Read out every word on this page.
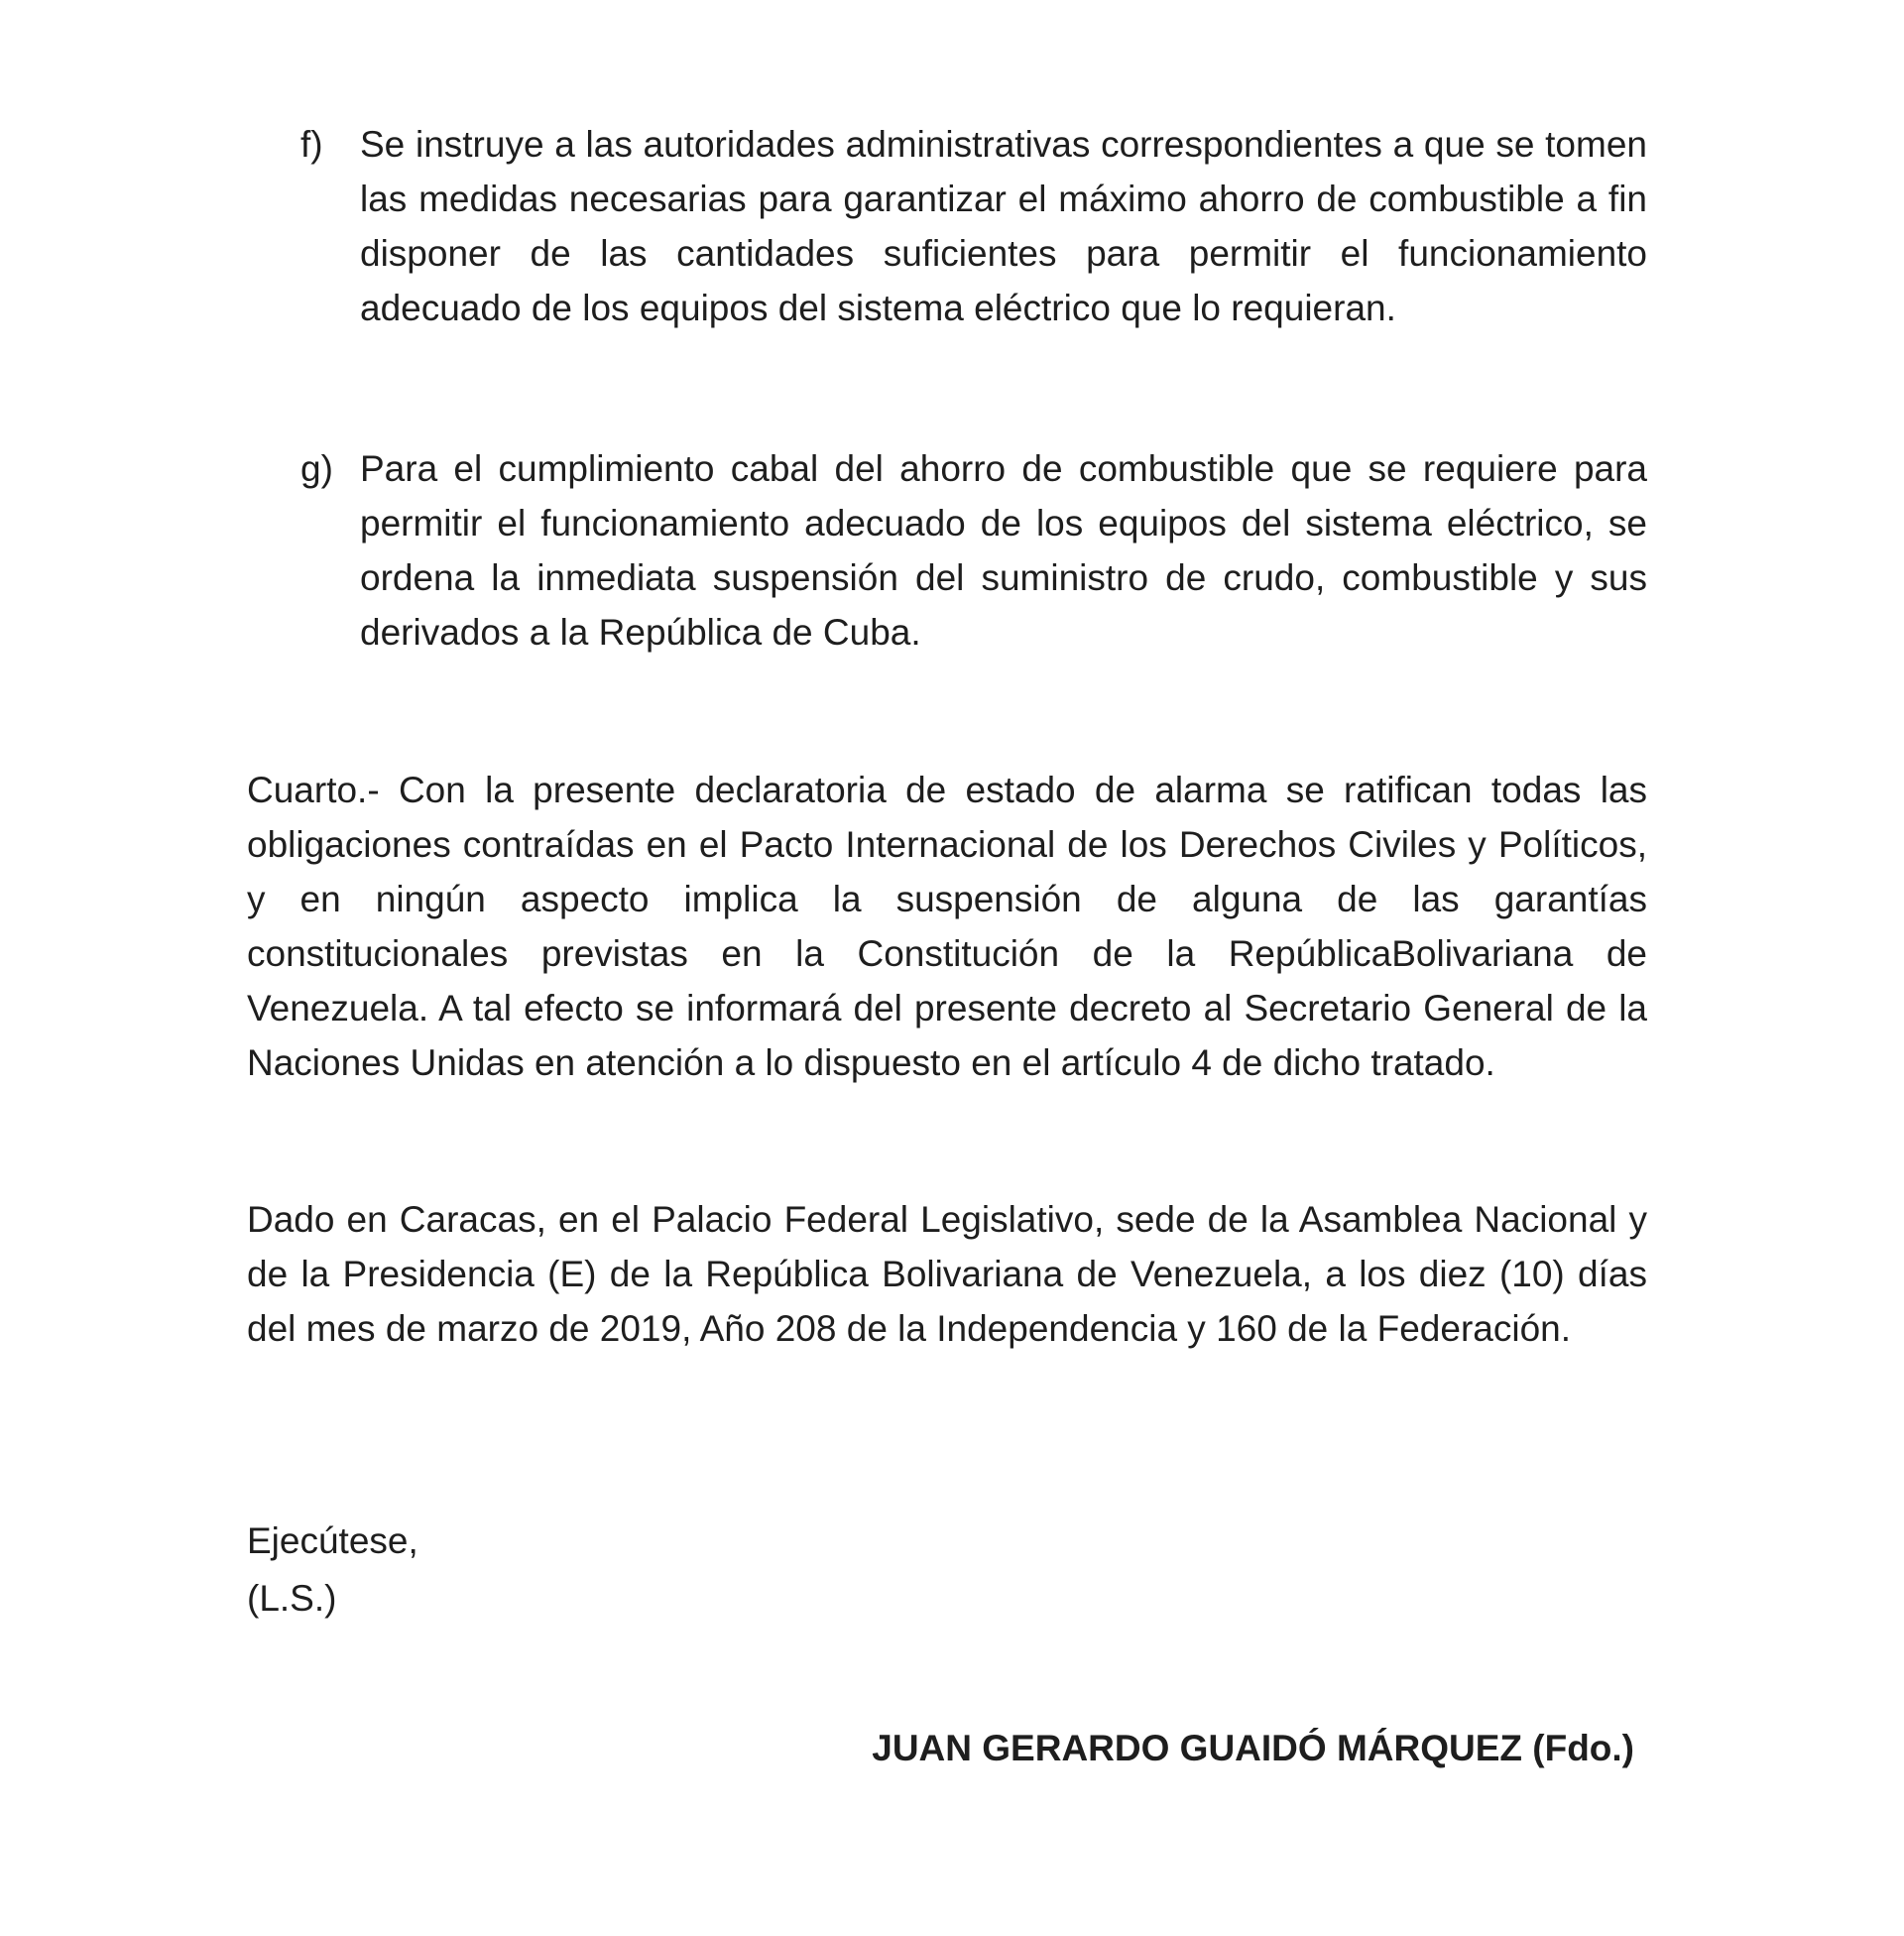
f)	Se instruye a las autoridades administrativas correspondientes a que se tomen las medidas necesarias para garantizar el máximo ahorro de combustible a fin disponer de las cantidades suficientes para permitir el funcionamiento adecuado de los equipos del sistema eléctrico que lo requieran.
g) Para el cumplimiento cabal del ahorro de combustible que se requiere para permitir el funcionamiento adecuado de los equipos del sistema eléctrico, se ordena la inmediata suspensión del suministro de crudo, combustible y sus derivados a la República de Cuba.

Cuarto.- Con la presente declaratoria de estado de alarma se ratifican todas las obligaciones contraídas en el Pacto Internacional de los Derechos Civiles y Políticos, y en ningún aspecto implica la suspensión de alguna de las garantías constitucionales previstas en la Constitución de la RepúblicaBolivariana de Venezuela. A tal efecto se informará del presente decreto al Secretario General de la Naciones Unidas en atención a lo dispuesto en el artículo 4 de dicho tratado.

Dado en Caracas, en el Palacio Federal Legislativo, sede de la Asamblea Nacional y de la Presidencia (E) de la República Bolivariana de Venezuela, a los diez (10) días del mes de marzo de 2019, Año 208 de la Independencia y 160 de la Federación.

Ejecútese,

(L.S.)

JUAN GERARDO GUAIDÓ MÁRQUEZ (Fdo.)
